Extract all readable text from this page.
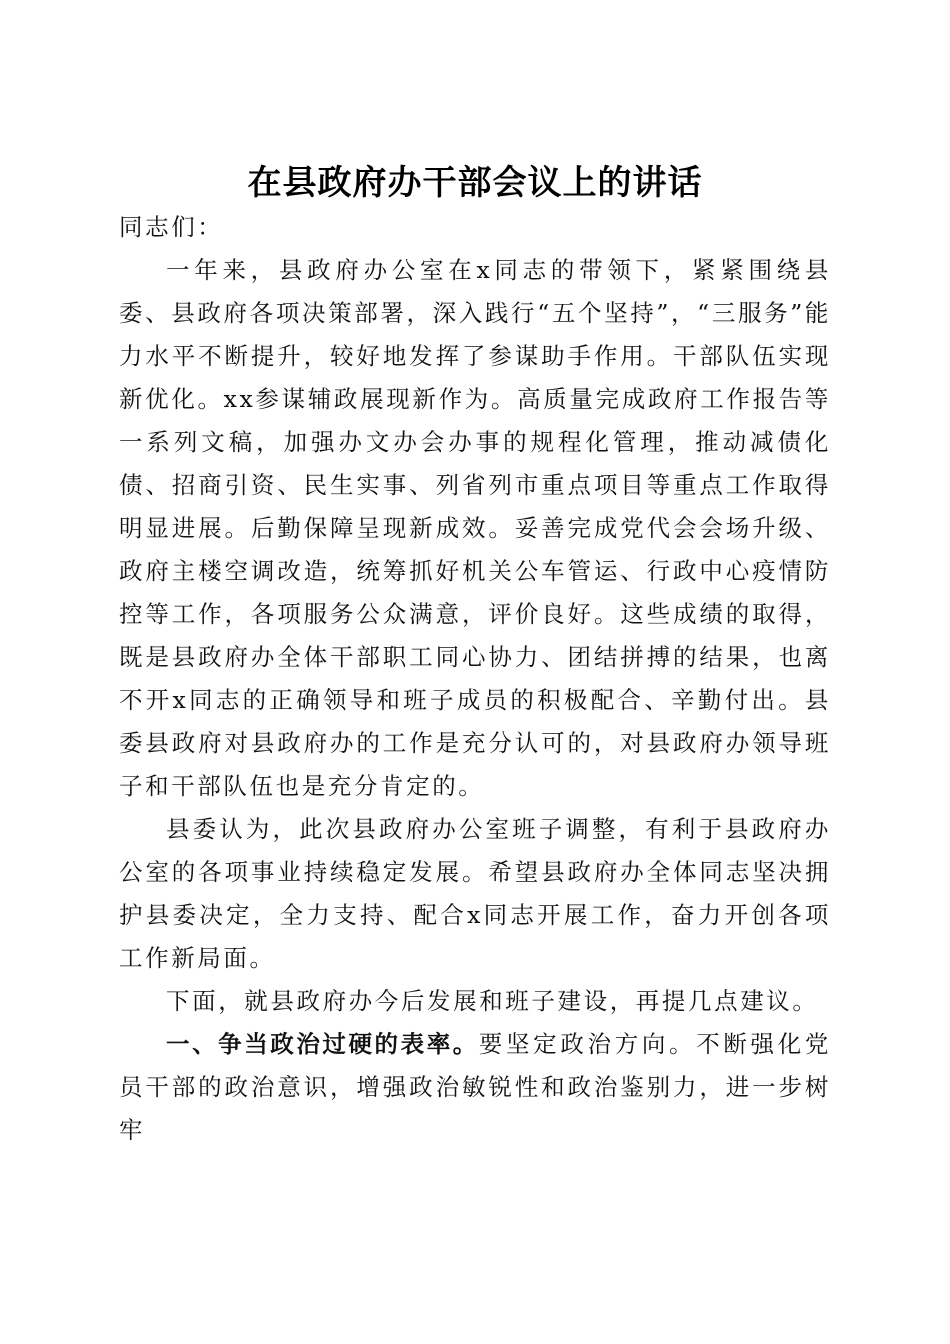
在县政府办干部会议上的讲话

同志们：

一年来，县政府办公室在x同志的带领下，紧紧围绕县委、县政府各项决策部署，深入践行“五个坚持”，“三服务”能力水平不断提升，较好地发挥了参谋助手作用。干部队伍实现新优化。xx参谋辅政展现新作为。高质量完成政府工作报告等一系列文稿，加强办文办会办事的规程化管理，推动减债化债、招商引资、民生实事、列省列市重点项目等重点工作取得明显进展。后勤保障呈现新成效。妥善完成党代会会场升级、政府主楼空调改造，统筹抓好机关公车管运、行政中心疫情防控等工作，各项服务公众满意，评价良好。这些成绩的取得，既是县政府办全体干部职工同心协力、团结拼搏的结果，也离不开x同志的正确领导和班子成员的积极配合、辛勤付出。县委县政府对县政府办的工作是充分认可的，对县政府办领导班子和干部队伍也是充分肯定的。

县委认为，此次县政府办公室班子调整，有利于县政府办公室的各项事业持续稳定发展。希望县政府办全体同志坚决拥护县委决定，全力支持、配合x同志开展工作，奋力开创各项工作新局面。

下面，就县政府办今后发展和班子建设，再提几点建议。

一、争当政治过硬的表率。要坚定政治方向。不断强化党员干部的政治意识，增强政治敏锐性和政治鉴别力，进一步树牢
